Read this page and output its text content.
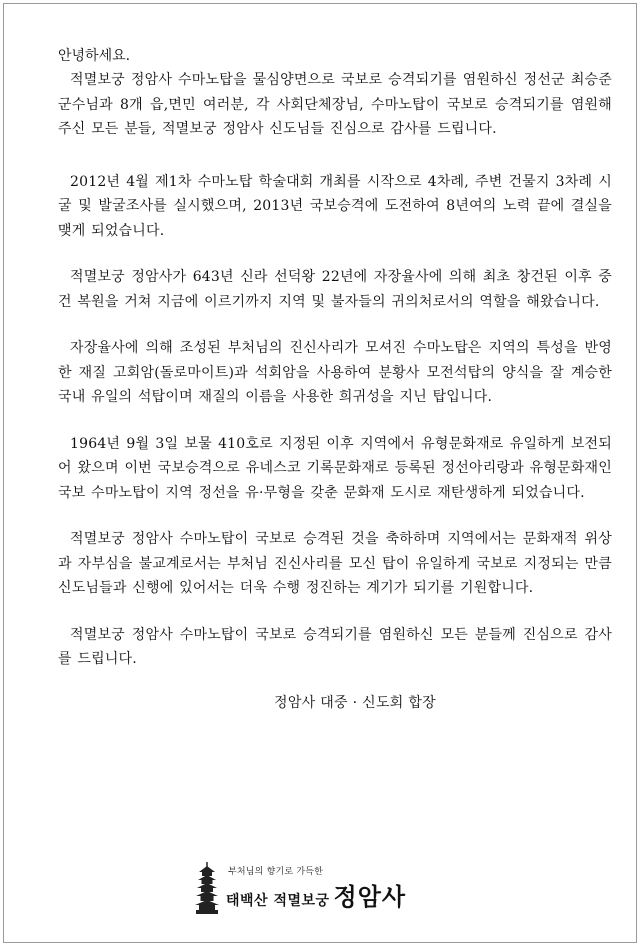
안녕하세요.

적멸보궁 정암사 수마노탑을 물심양면으로 국보로 승격되기를 염원하신 정선군 최승준군수님과 8개 읍,면민 여러분, 각 사회단체장님, 수마노탑이 국보로 승격되기를 염원해주신 모든 분들, 적멸보궁 정암사 신도님들 진심으로 감사를 드립니다.

2012년 4월 제1차 수마노탑 학술대회 개최를 시작으로 4차례, 주변 건물지 3차례 시굴 및 발굴조사를 실시했으며, 2013년 국보승격에 도전하여 8년여의 노력 끝에 결실을 맺게 되었습니다.

적멸보궁 정암사가 643년 신라 선덕왕 22년에 자장율사에 의해 최초 창건된 이후 중건 복원을 거쳐 지금에 이르기까지 지역 및 불자들의 귀의처로서의 역할을 해왔습니다.

자장율사에 의해 조성된 부처님의 진신사리가 모셔진 수마노탑은 지역의 특성을 반영한 재질 고회암(돌로마이트)과 석회암을 사용하여 분황사 모전석탑의 양식을 잘 계승한 국내 유일의 석탑이며 재질의 이름을 사용한 희귀성을 지닌 탑입니다.

1964년 9월 3일 보물 410호로 지정된 이후 지역에서 유형문화재로 유일하게 보전되어 왔으며 이번 국보승격으로 유네스코 기록문화재로 등록된 정선아리랑과 유형문화재인 국보 수마노탑이 지역 정선을 유·무형을 갖춘 문화재 도시로 재탄생하게 되었습니다.

적멸보궁 정암사 수마노탑이 국보로 승격된 것을 축하하며 지역에서는 문화재적 위상과 자부심을 불교계로서는 부처님 진신사리를 모신 탑이 유일하게 국보로 지정되는 만큼 신도님들과 신행에 있어서는 더욱 수행 정진하는 계기가 되기를 기원합니다.

적멸보궁 정암사 수마노탑이 국보로 승격되기를 염원하신 모든 분들께 진심으로 감사를 드립니다.

정암사 대중 · 신도회 합장
부처님의 향기로 가득한
태백산 적멸보궁 정암사
